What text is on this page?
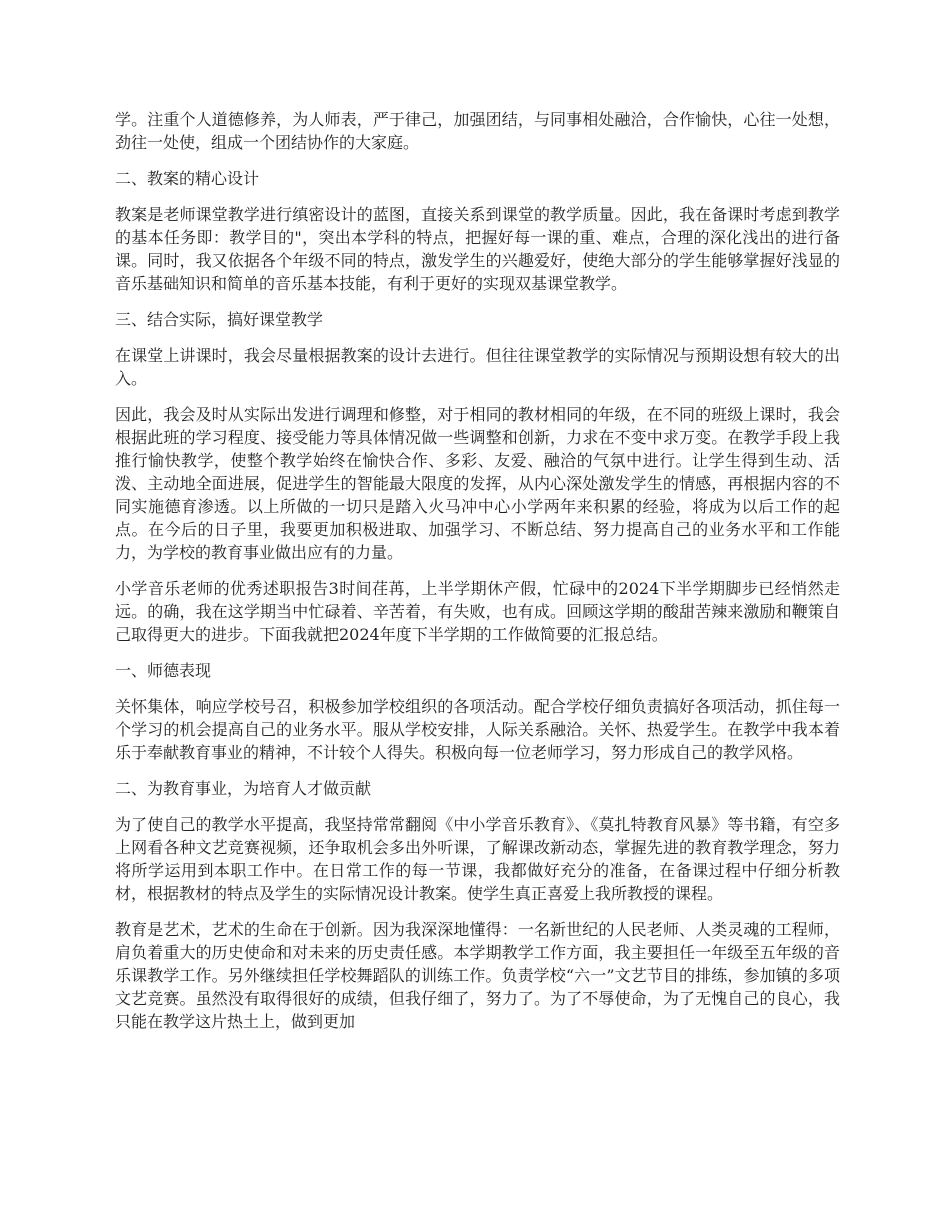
学。注重个人道德修养，为人师表，严于律己，加强团结，与同事相处融洽，合作愉快，心往一处想，劲往一处使，组成一个团结协作的大家庭。

二、教案的精心设计

教案是老师课堂教学进行缜密设计的蓝图，直接关系到课堂的教学质量。因此，我在备课时考虑到教学的基本任务即：教学目的"，突出本学科的特点，把握好每一课的重、难点，合理的深化浅出的进行备课。同时，我又依据各个年级不同的特点，激发学生的兴趣爱好，使绝大部分的学生能够掌握好浅显的音乐基础知识和简单的音乐基本技能，有利于更好的实现双基课堂教学。

三、结合实际，搞好课堂教学

在课堂上讲课时，我会尽量根据教案的设计去进行。但往往课堂教学的实际情况与预期设想有较大的出入。

因此，我会及时从实际出发进行调理和修整，对于相同的教材相同的年级，在不同的班级上课时，我会根据此班的学习程度、接受能力等具体情况做一些调整和创新，力求在不变中求万变。在教学手段上我推行愉快教学，使整个教学始终在愉快合作、多彩、友爱、融洽的气氛中进行。让学生得到生动、活泼、主动地全面进展，促进学生的智能最大限度的发挥，从内心深处激发学生的情感，再根据内容的不同实施德育渗透。以上所做的一切只是踏入火马冲中心小学两年来积累的经验，将成为以后工作的起点。在今后的日子里，我要更加积极进取、加强学习、不断总结、努力提高自己的业务水平和工作能力，为学校的教育事业做出应有的力量。

小学音乐老师的优秀述职报告3时间荏苒，上半学期休产假，忙碌中的2024下半学期脚步已经悄然走远。的确，我在这学期当中忙碌着、辛苦着，有失败，也有成。回顾这学期的酸甜苦辣来激励和鞭策自己取得更大的进步。下面我就把2024年度下半学期的工作做简要的汇报总结。

一、师德表现

关怀集体，响应学校号召，积极参加学校组织的各项活动。配合学校仔细负责搞好各项活动，抓住每一个学习的机会提高自己的业务水平。服从学校安排，人际关系融洽。关怀、热爱学生。在教学中我本着乐于奉献教育事业的精神，不计较个人得失。积极向每一位老师学习，努力形成自己的教学风格。

二、为教育事业，为培育人才做贡献

为了使自己的教学水平提高，我坚持常常翻阅《中小学音乐教育》、《莫扎特教育风暴》等书籍，有空多上网看各种文艺竞赛视频，还争取机会多出外听课，了解课改新动态，掌握先进的教育教学理念，努力将所学运用到本职工作中。在日常工作的每一节课，我都做好充分的准备，在备课过程中仔细分析教材，根据教材的特点及学生的实际情况设计教案。使学生真正喜爱上我所教授的课程。

教育是艺术，艺术的生命在于创新。因为我深深地懂得：一名新世纪的人民老师、人类灵魂的工程师，肩负着重大的历史使命和对未来的历史责任感。本学期教学工作方面，我主要担任一年级至五年级的音乐课教学工作。另外继续担任学校舞蹈队的训练工作。负责学校“六一”文艺节目的排练，参加镇的多项文艺竞赛。虽然没有取得很好的成绩，但我仔细了，努力了。为了不辱使命，为了无愧自己的良心，我只能在教学这片热土上，做到更加
